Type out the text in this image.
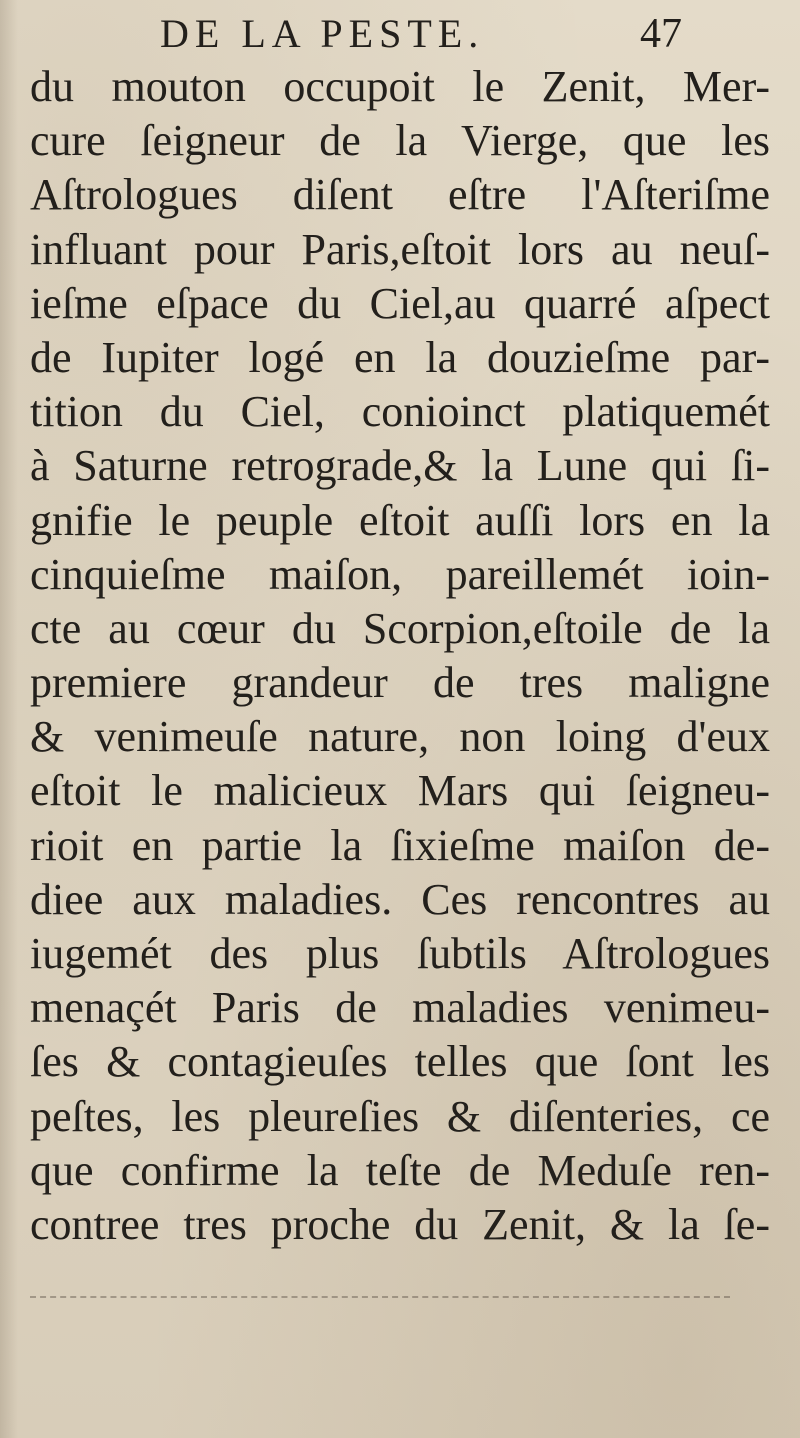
DE LA PESTE.	47
du mouton occupoit le Zenit, Mer-
cure ſeigneur de la Vierge, que les
Aſtrologues diſent eſtre l'Aſteriſme
influant pour Paris,eſtoit lors au neuſ-
ieſme eſpace du Ciel,au quarré aſpect
de Iupiter logé en la douzieſme par-
tition du Ciel, conioinct platiquemét
à Saturne retrograde,& la Lune qui ſi-
gnifie le peuple eſtoit auſſi lors en la
cinquieſme maiſon, pareillemét ioin-
cte au cœur du Scorpion,eſtoile de la
premiere grandeur de tres maligne
& venimeuſe nature, non loing d'eux
eſtoit le malicieux Mars qui ſeigneu-
rioit en partie la ſixieſme maiſon de-
diee aux maladies. Ces rencontres au
iugemét des plus ſubtils Aſtrologues
menaçét Paris de maladies venimeu-
ſes & contagieuſes telles que ſont les
peſtes, les pleureſies & diſenteries, ce
que confirme la teſte de Meduſe ren-
contree tres proche du Zenit, & la ſe-
